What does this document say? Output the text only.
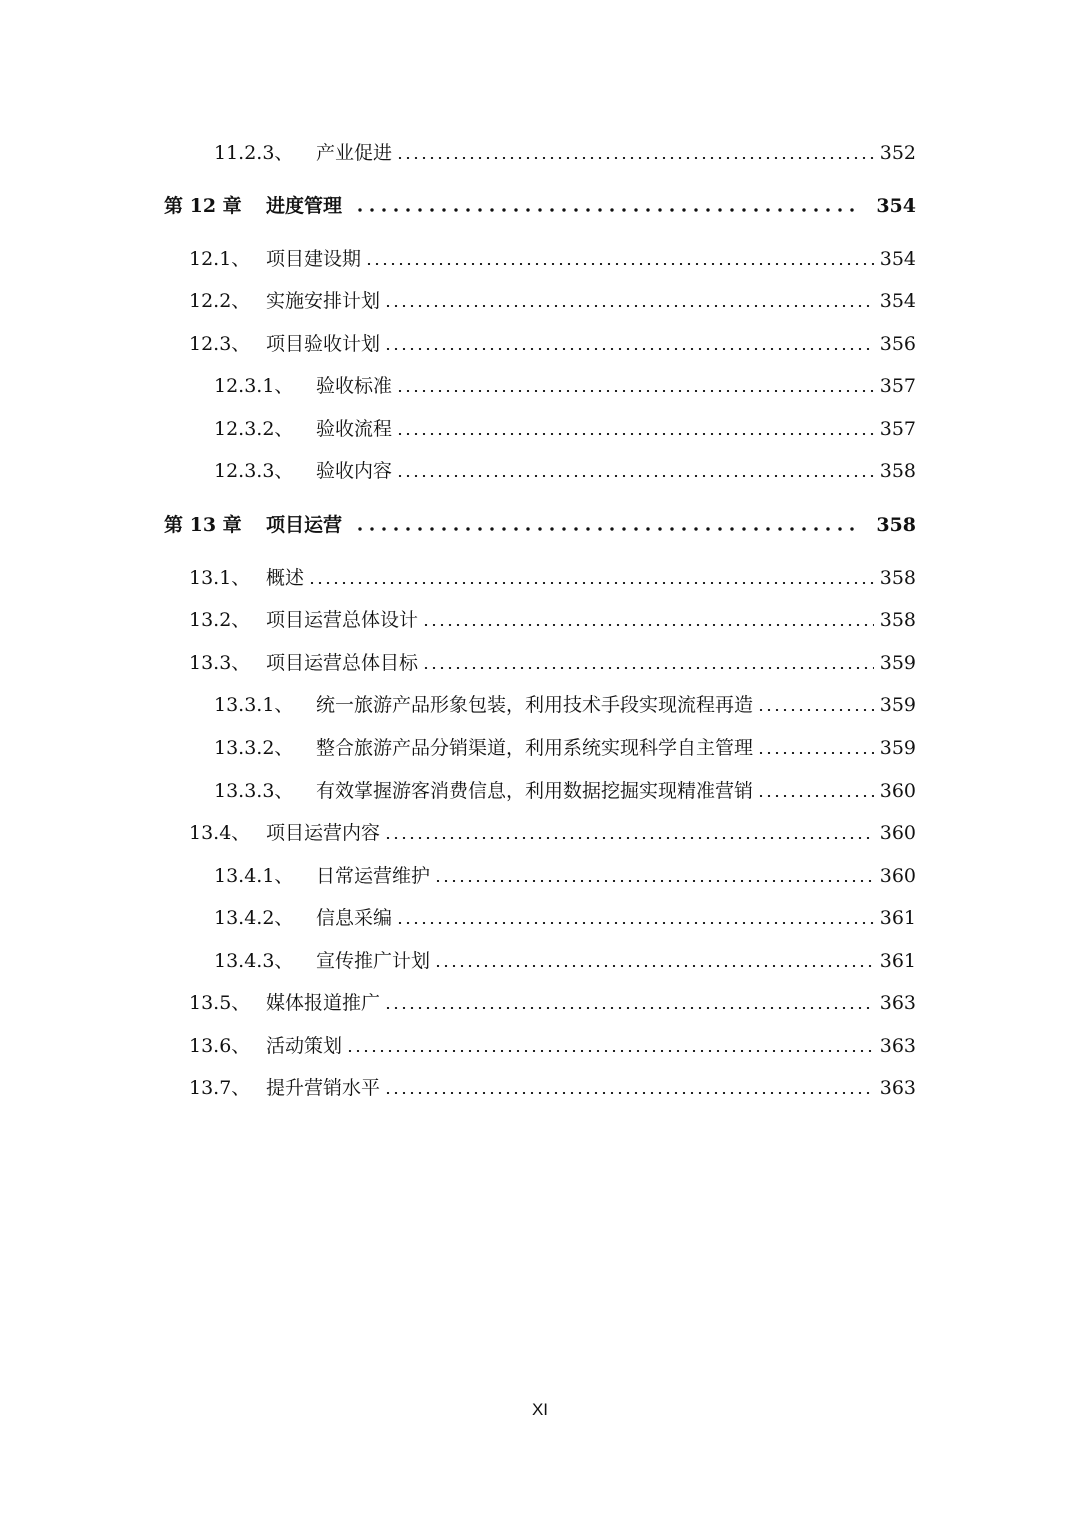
11.2.3、	产业促进	352
第 12 章	进度管理	354
12.1、 项目建设期	354
12.2、 实施安排计划	354
12.3、 项目验收计划	356
12.3.1、	验收标准	357
12.3.2、	验收流程	357
12.3.3、	验收内容	358
第 13 章	项目运营	358
13.1、 概述	358
13.2、 项目运营总体设计	358
13.3、 项目运营总体目标	359
13.3.1、	统一旅游产品形象包装，利用技术手段实现流程再造	359
13.3.2、	整合旅游产品分销渠道，利用系统实现科学自主管理	359
13.3.3、	有效掌握游客消费信息，利用数据挖掘实现精准营销	360
13.4、 项目运营内容	360
13.4.1、	日常运营维护	360
13.4.2、	信息采编	361
13.4.3、	宣传推广计划	361
13.5、 媒体报道推广	363
13.6、 活动策划	363
13.7、 提升营销水平	363
XI
